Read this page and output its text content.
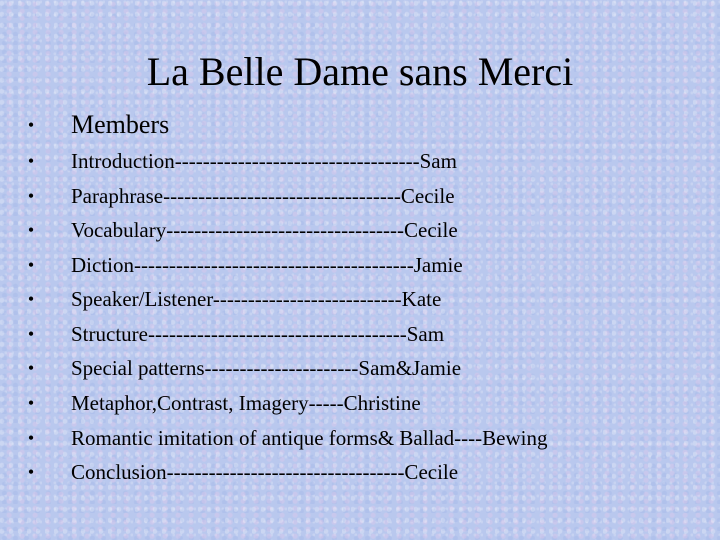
La Belle Dame sans Merci
• Members
• Introduction-----------------------------------Sam
• Paraphrase----------------------------------Cecile
• Vocabulary----------------------------------Cecile
• Diction----------------------------------------Jamie
• Speaker/Listener---------------------------Kate
• Structure-------------------------------------Sam
• Special patterns----------------------Sam&Jamie
• Metaphor,Contrast, Imagery-----Christine
• Romantic imitation of antique forms& Ballad----Bewing
• Conclusion----------------------------------Cecile
